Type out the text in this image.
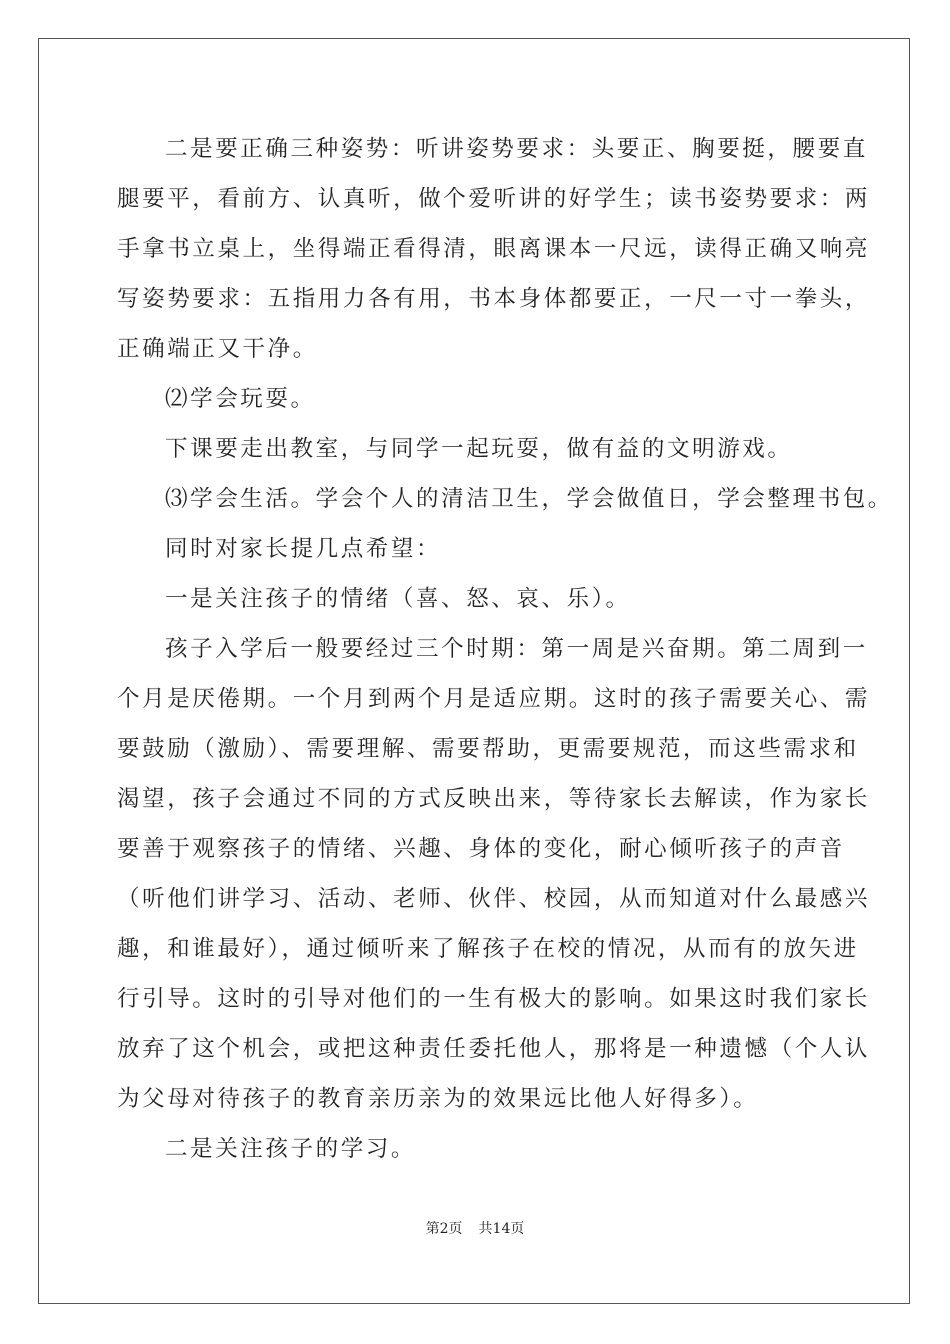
二是要正确三种姿势：听讲姿势要求：头要正、胸要挺，腰要直
腿要平，看前方、认真听，做个爱听讲的好学生；读书姿势要求：两
手拿书立桌上，坐得端正看得清，眼离课本一尺远，读得正确又响亮
写姿势要求：五指用力各有用，书本身体都要正，一尺一寸一拳头，
正确端正又干净。
⑵学会玩耍。
下课要走出教室，与同学一起玩耍，做有益的文明游戏。
⑶学会生活。学会个人的清洁卫生，学会做值日，学会整理书包。
同时对家长提几点希望：
一是关注孩子的情绪（喜、怒、哀、乐）。
孩子入学后一般要经过三个时期：第一周是兴奋期。第二周到一
个月是厌倦期。一个月到两个月是适应期。这时的孩子需要关心、需
要鼓励（激励）、需要理解、需要帮助，更需要规范，而这些需求和
渴望，孩子会通过不同的方式反映出来，等待家长去解读，作为家长
要善于观察孩子的情绪、兴趣、身体的变化，耐心倾听孩子的声音
（听他们讲学习、活动、老师、伙伴、校园，从而知道对什么最感兴
趣，和谁最好），通过倾听来了解孩子在校的情况，从而有的放矢进
行引导。这时的引导对他们的一生有极大的影响。如果这时我们家长
放弃了这个机会，或把这种责任委托他人，那将是一种遗憾（个人认
为父母对待孩子的教育亲历亲为的效果远比他人好得多）。
二是关注孩子的学习。
第2页 共14页
